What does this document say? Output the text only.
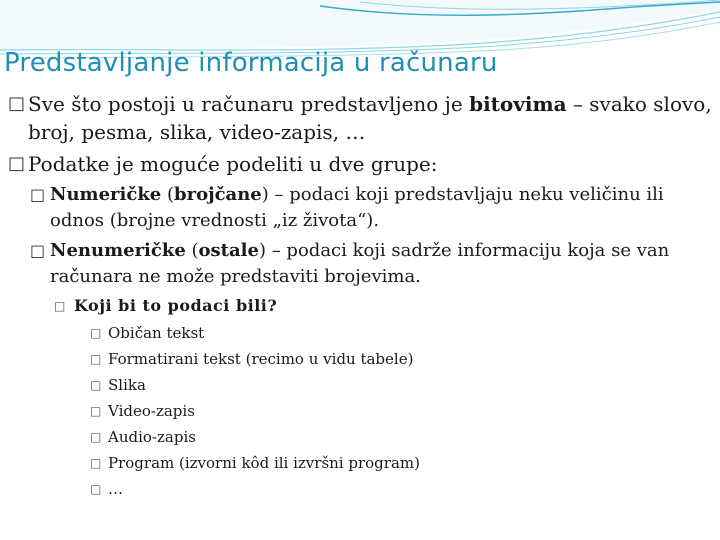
Predstavljanje informacija u računaru
□ Sve što postoji u računaru predstavljeno je bitovima – svako slovo, broj, pesma, slika, video-zapis, …
□ Podatke je moguće podeliti u dve grupe:
□ Numeričke (brojčane) – podaci koji predstavljaju neku veličinu ili odnos (brojne vrednosti „iz života“).
□ Nenumeričke (ostale) – podaci koji sadrže informaciju koja se van računara ne može predstaviti brojevima.
□ Koji bi to podaci bili?
□ Običan tekst
□ Formatirani tekst (recimo u vidu tabele)
□ Slika
□ Video-zapis
□ Audio-zapis
□ Program (izvorni kôd ili izvršni program)
□ …
